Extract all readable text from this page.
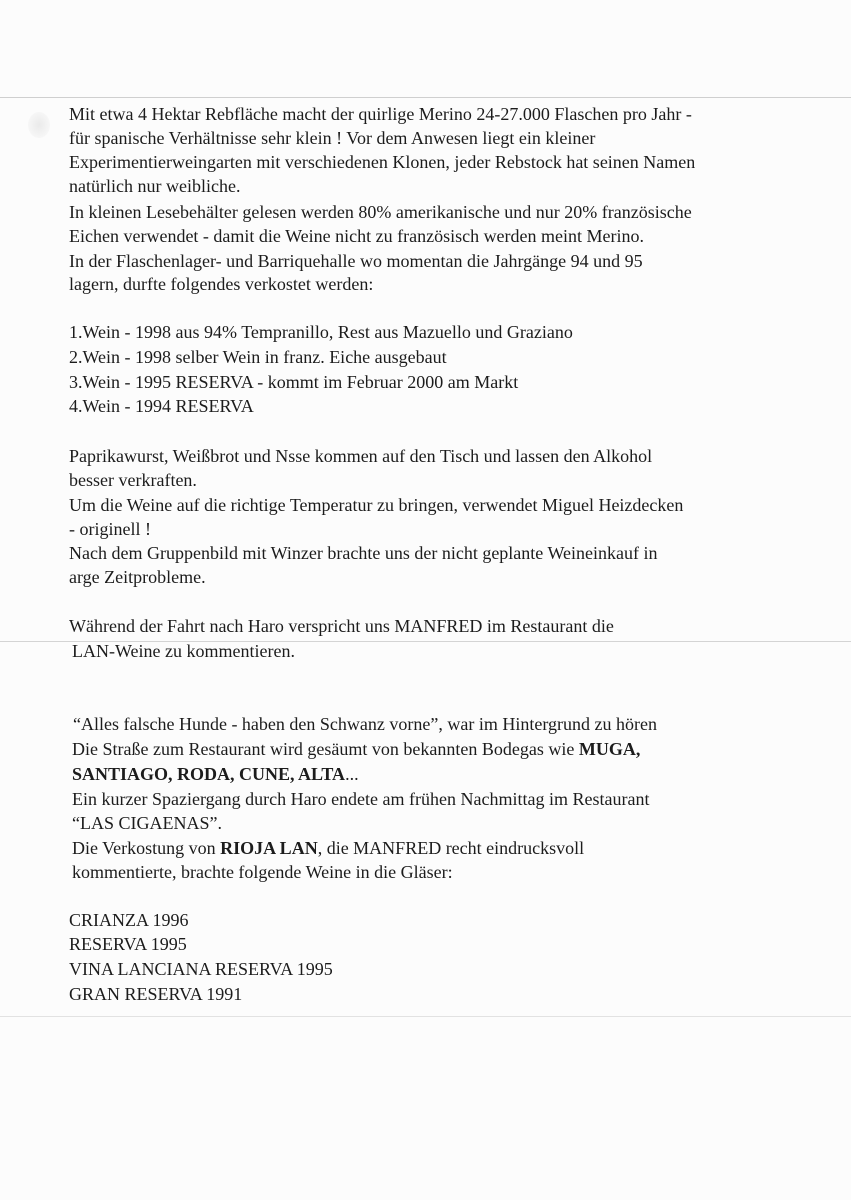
Mit etwa 4 Hektar Rebfläche macht der quirlige Merino 24-27.000 Flaschen pro Jahr -
für spanische Verhältnisse sehr klein ! Vor dem Anwesen liegt ein kleiner
Experimentierweingarten mit verschiedenen Klonen, jeder Rebstock hat seinen Namen
natürlich nur weibliche.
In kleinen Lesebehälter gelesen werden 80% amerikanische und nur 20% französische
Eichen verwendet - damit die Weine nicht zu französisch werden meint Merino.
In der Flaschenlager- und Barriquehalle wo momentan die Jahrgänge 94 und 95
lagern, durfte folgendes verkostet werden:
1.Wein - 1998 aus 94% Tempranillo, Rest aus Mazuello und Graziano
2.Wein - 1998 selber Wein in franz. Eiche ausgebaut
3.Wein - 1995 RESERVA - kommt im Februar 2000 am Markt
4.Wein - 1994 RESERVA
Paprikawurst, Weißbrot und Nsse kommen auf den Tisch und lassen den Alkohol
besser verkraften.
Um die Weine auf die richtige Temperatur zu bringen, verwendet Miguel Heizdecken
- originell !
Nach dem Gruppenbild mit Winzer brachte uns der nicht geplante Weineinkauf in
arge Zeitprobleme.
Während der Fahrt nach Haro verspricht uns MANFRED im Restaurant die
LAN-Weine zu kommentieren.
“Alles falsche Hunde - haben den Schwanz vorne”, war im Hintergrund zu hören
Die Straße zum Restaurant wird gesäumt von bekannten Bodegas wie MUGA,
SANTIAGO, RODA, CUNE, ALTA...
Ein kurzer Spaziergang durch Haro endete am frühen Nachmittag im Restaurant
“LAS CIGAENAS”.
Die Verkostung von RIOJA LAN, die MANFRED recht eindrucksvoll
kommentierte, brachte folgende Weine in die Gläser:
CRIANZA 1996
RESERVA 1995
VINA LANCIANA RESERVA 1995
GRAN RESERVA 1991
